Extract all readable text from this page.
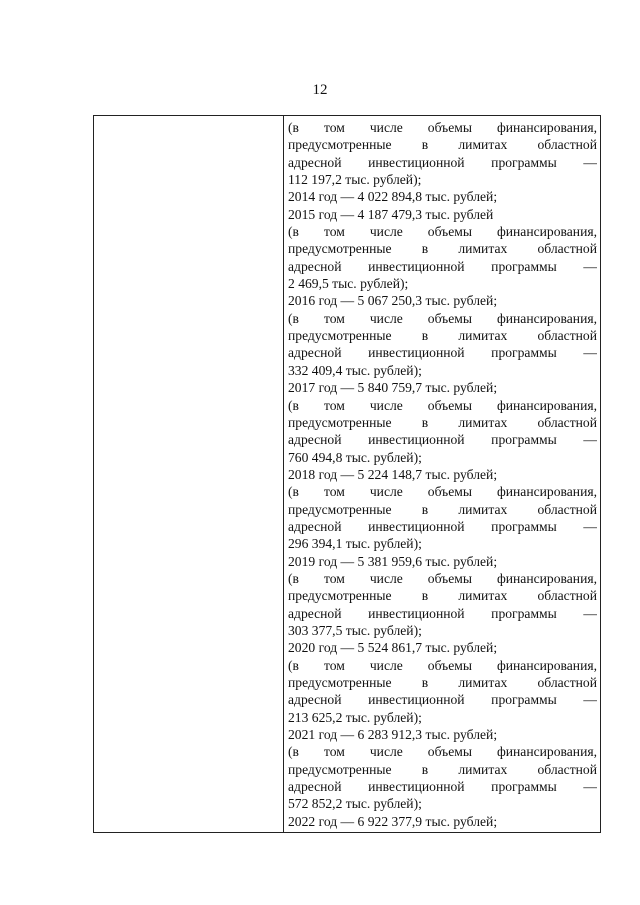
12
(в том числе объемы финансирования,
предусмотренные в лимитах областной
адресной инвестиционной программы —
112 197,2 тыс. рублей);
2014 год — 4 022 894,8 тыс. рублей;
2015 год — 4 187 479,3 тыс. рублей
(в том числе объемы финансирования,
предусмотренные в лимитах областной
адресной инвестиционной программы —
2 469,5 тыс. рублей);
2016 год — 5 067 250,3 тыс. рублей;
(в том числе объемы финансирования,
предусмотренные в лимитах областной
адресной инвестиционной программы —
332 409,4 тыс. рублей);
2017 год — 5 840 759,7 тыс. рублей;
(в том числе объемы финансирования,
предусмотренные в лимитах областной
адресной инвестиционной программы —
760 494,8 тыс. рублей);
2018 год — 5 224 148,7 тыс. рублей;
(в том числе объемы финансирования,
предусмотренные в лимитах областной
адресной инвестиционной программы —
296 394,1 тыс. рублей);
2019 год — 5 381 959,6 тыс. рублей;
(в том числе объемы финансирования,
предусмотренные в лимитах областной
адресной инвестиционной программы —
303 377,5 тыс. рублей);
2020 год — 5 524 861,7 тыс. рублей;
(в том числе объемы финансирования,
предусмотренные в лимитах областной
адресной инвестиционной программы —
213 625,2 тыс. рублей);
2021 год — 6 283 912,3 тыс. рублей;
(в том числе объемы финансирования,
предусмотренные в лимитах областной
адресной инвестиционной программы —
572 852,2 тыс. рублей);
2022 год — 6 922 377,9 тыс. рублей;
